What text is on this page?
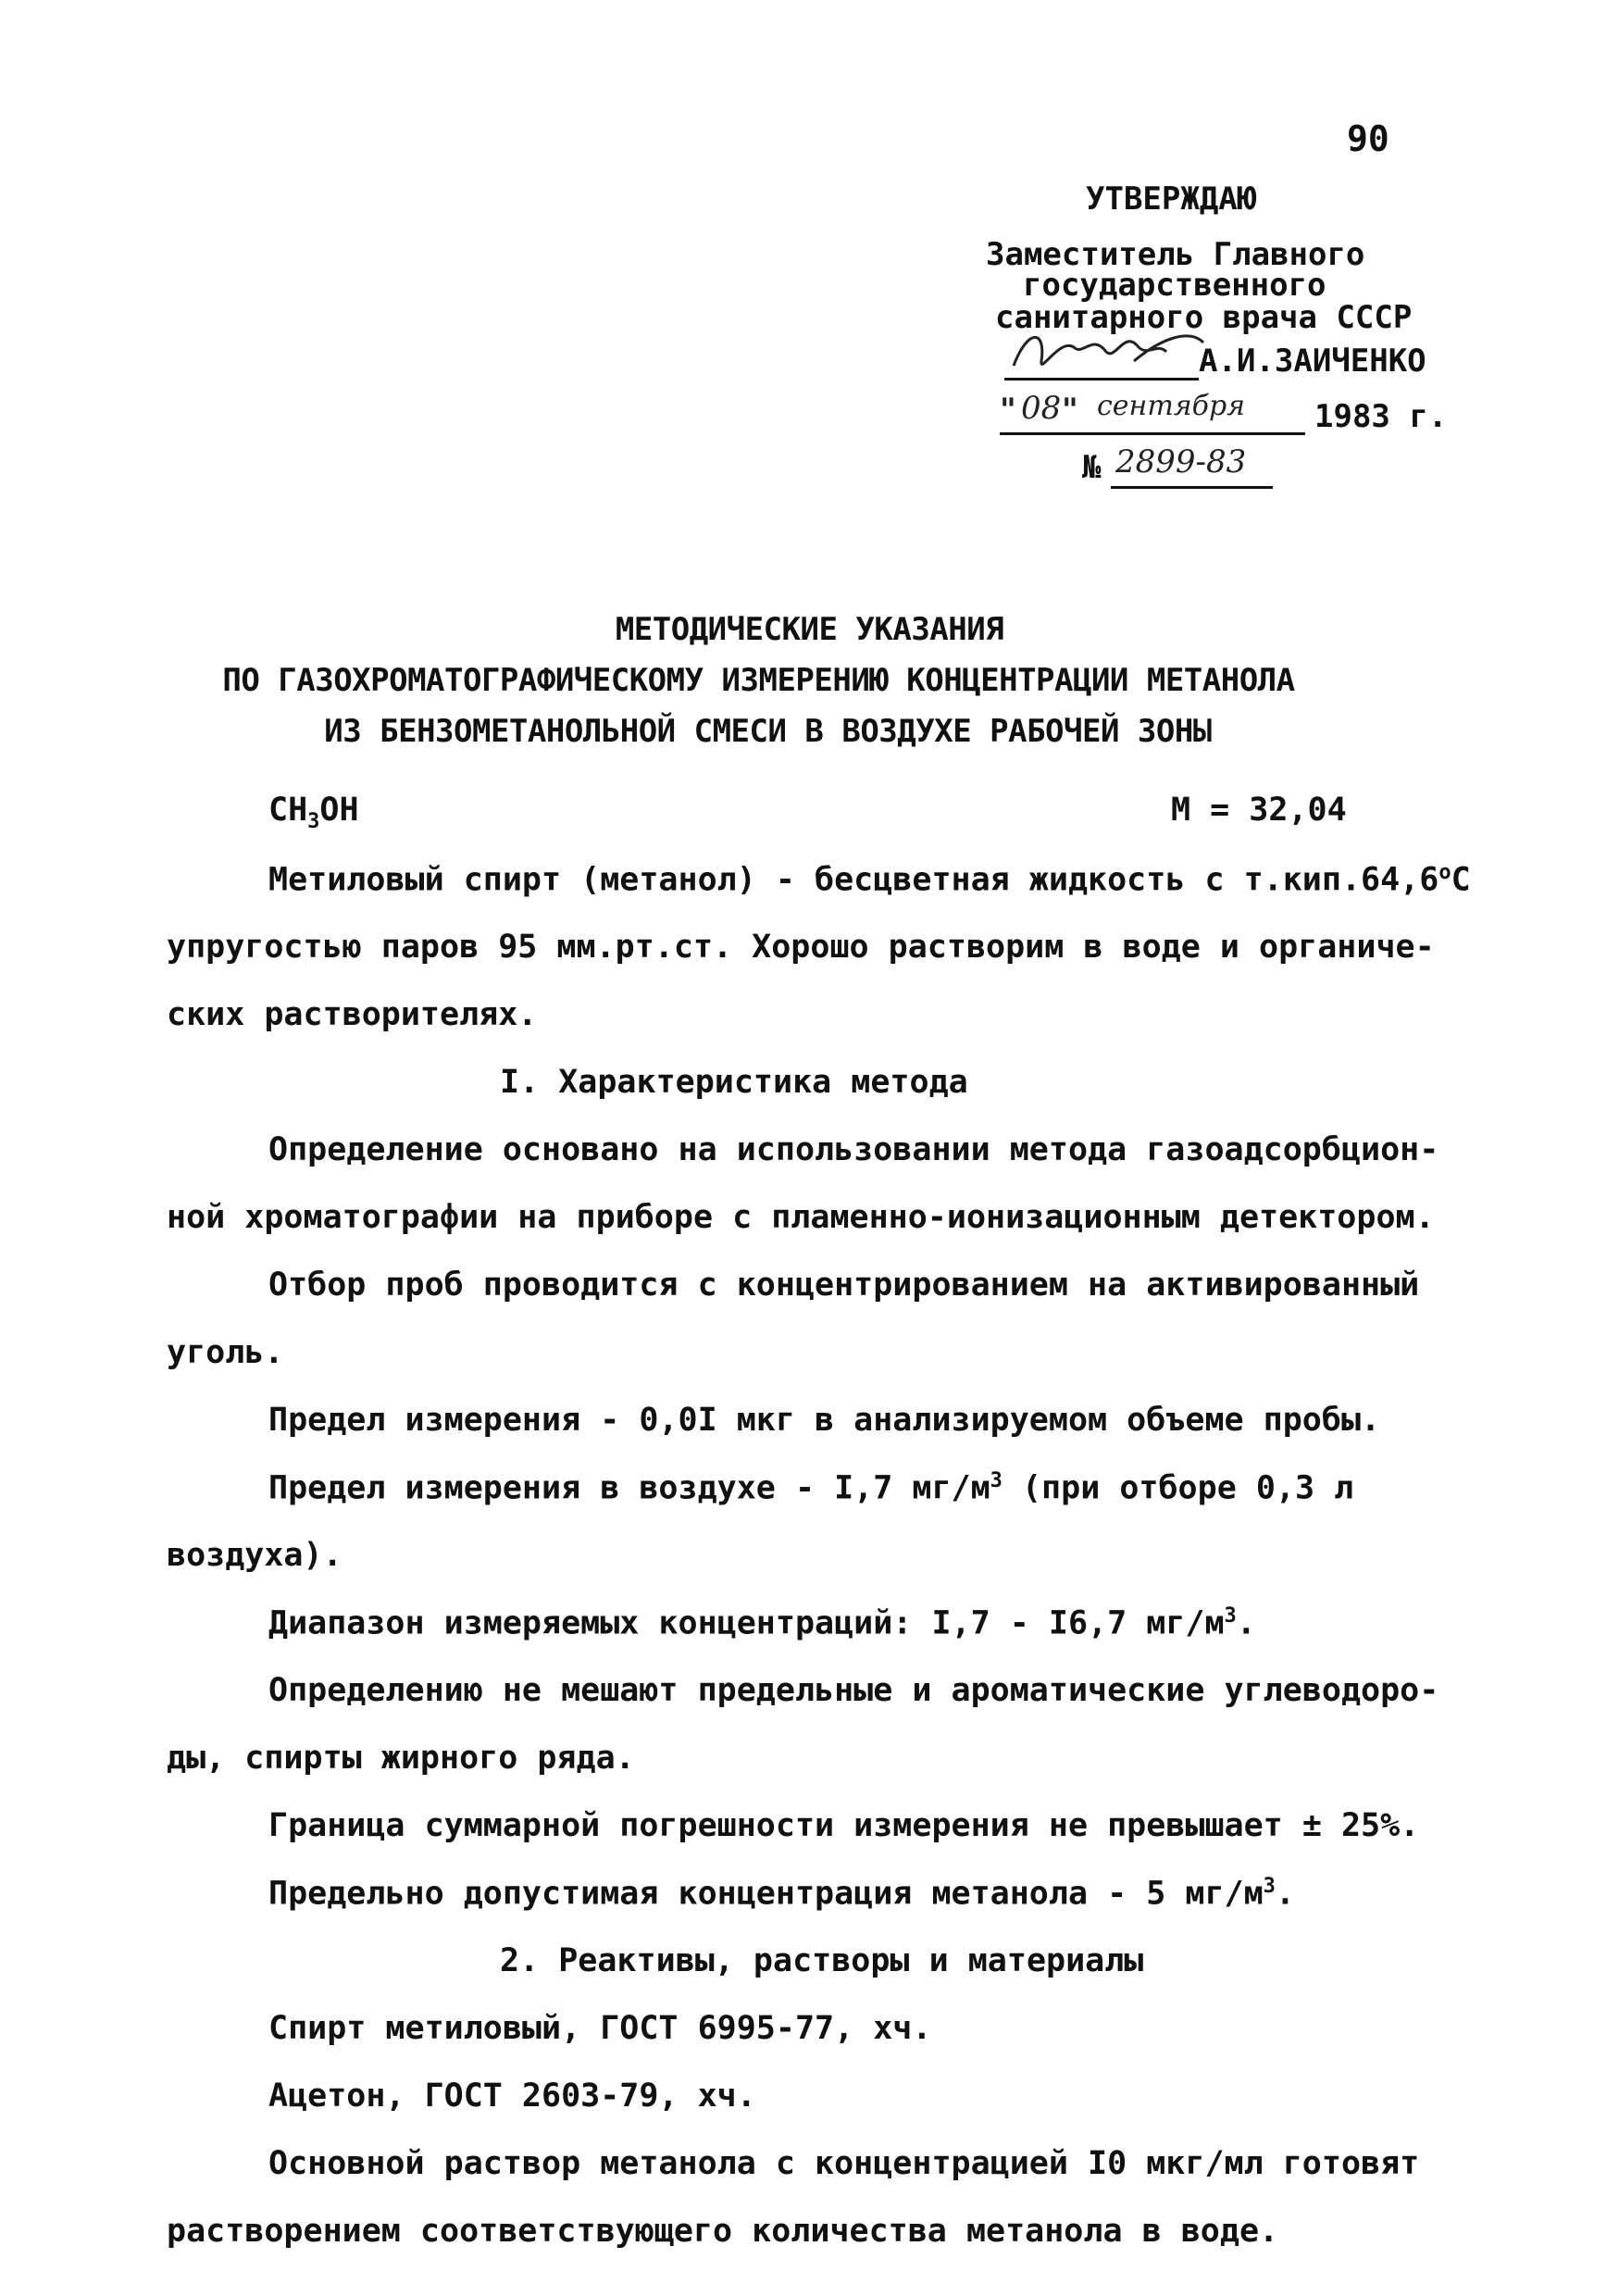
90
УТВЕРЖДАЮ
Заместитель Главного
государственного
санитарного врача СССР
А.И.ЗАИЧЕНКО
" 08 " сентября 1983 г.
№ 2899-83
МЕТОДИЧЕСКИЕ УКАЗАНИЯ
ПО ГАЗОХРОМАТОГРАФИЧЕСКОМУ ИЗМЕРЕНИЮ КОНЦЕНТРАЦИИ МЕТАНОЛА
ИЗ БЕНЗОМЕТАНОЛЬНОЙ СМЕСИ В ВОЗДУХЕ РАБОЧЕЙ ЗОНЫ
$CH_3OH$	М = 32,04
Метиловый спирт (метанол) - бесцветная жидкость с т.кип.64,6$^o$С
упругостью паров 95 мм.рт.ст. Хорошо растворим в воде и органиче-
ских растворителях.
I. Характеристика метода
Определение основано на использовании метода газоадсорбцион-
ной хроматографии на приборе с пламенно-ионизационным детектором.
Отбор проб проводится с концентрированием на активированный
уголь.
Предел измерения - 0,0I мкг в анализируемом объеме пробы.
Предел измерения в воздухе - I,7 $мг/м^3$ (при отборе 0,3 л
воздуха).
Диапазон измеряемых концентраций: I,7 - I6,7 $мг/м^3$.
Определению не мешают предельные и ароматические углеводоро-
ды, спирты жирного ряда.
Граница суммарной погрешности измерения не превышает ± 25%.
Предельно допустимая концентрация метанола - 5 $мг/м^3$.
2. Реактивы, растворы и материалы
Спирт метиловый, ГОСТ 6995-77, хч.
Ацетон, ГОСТ 2603-79, хч.
Основной раствор метанола с концентрацией I0 мкг/мл готовят
растворением соответствующего количества метанола в воде.
